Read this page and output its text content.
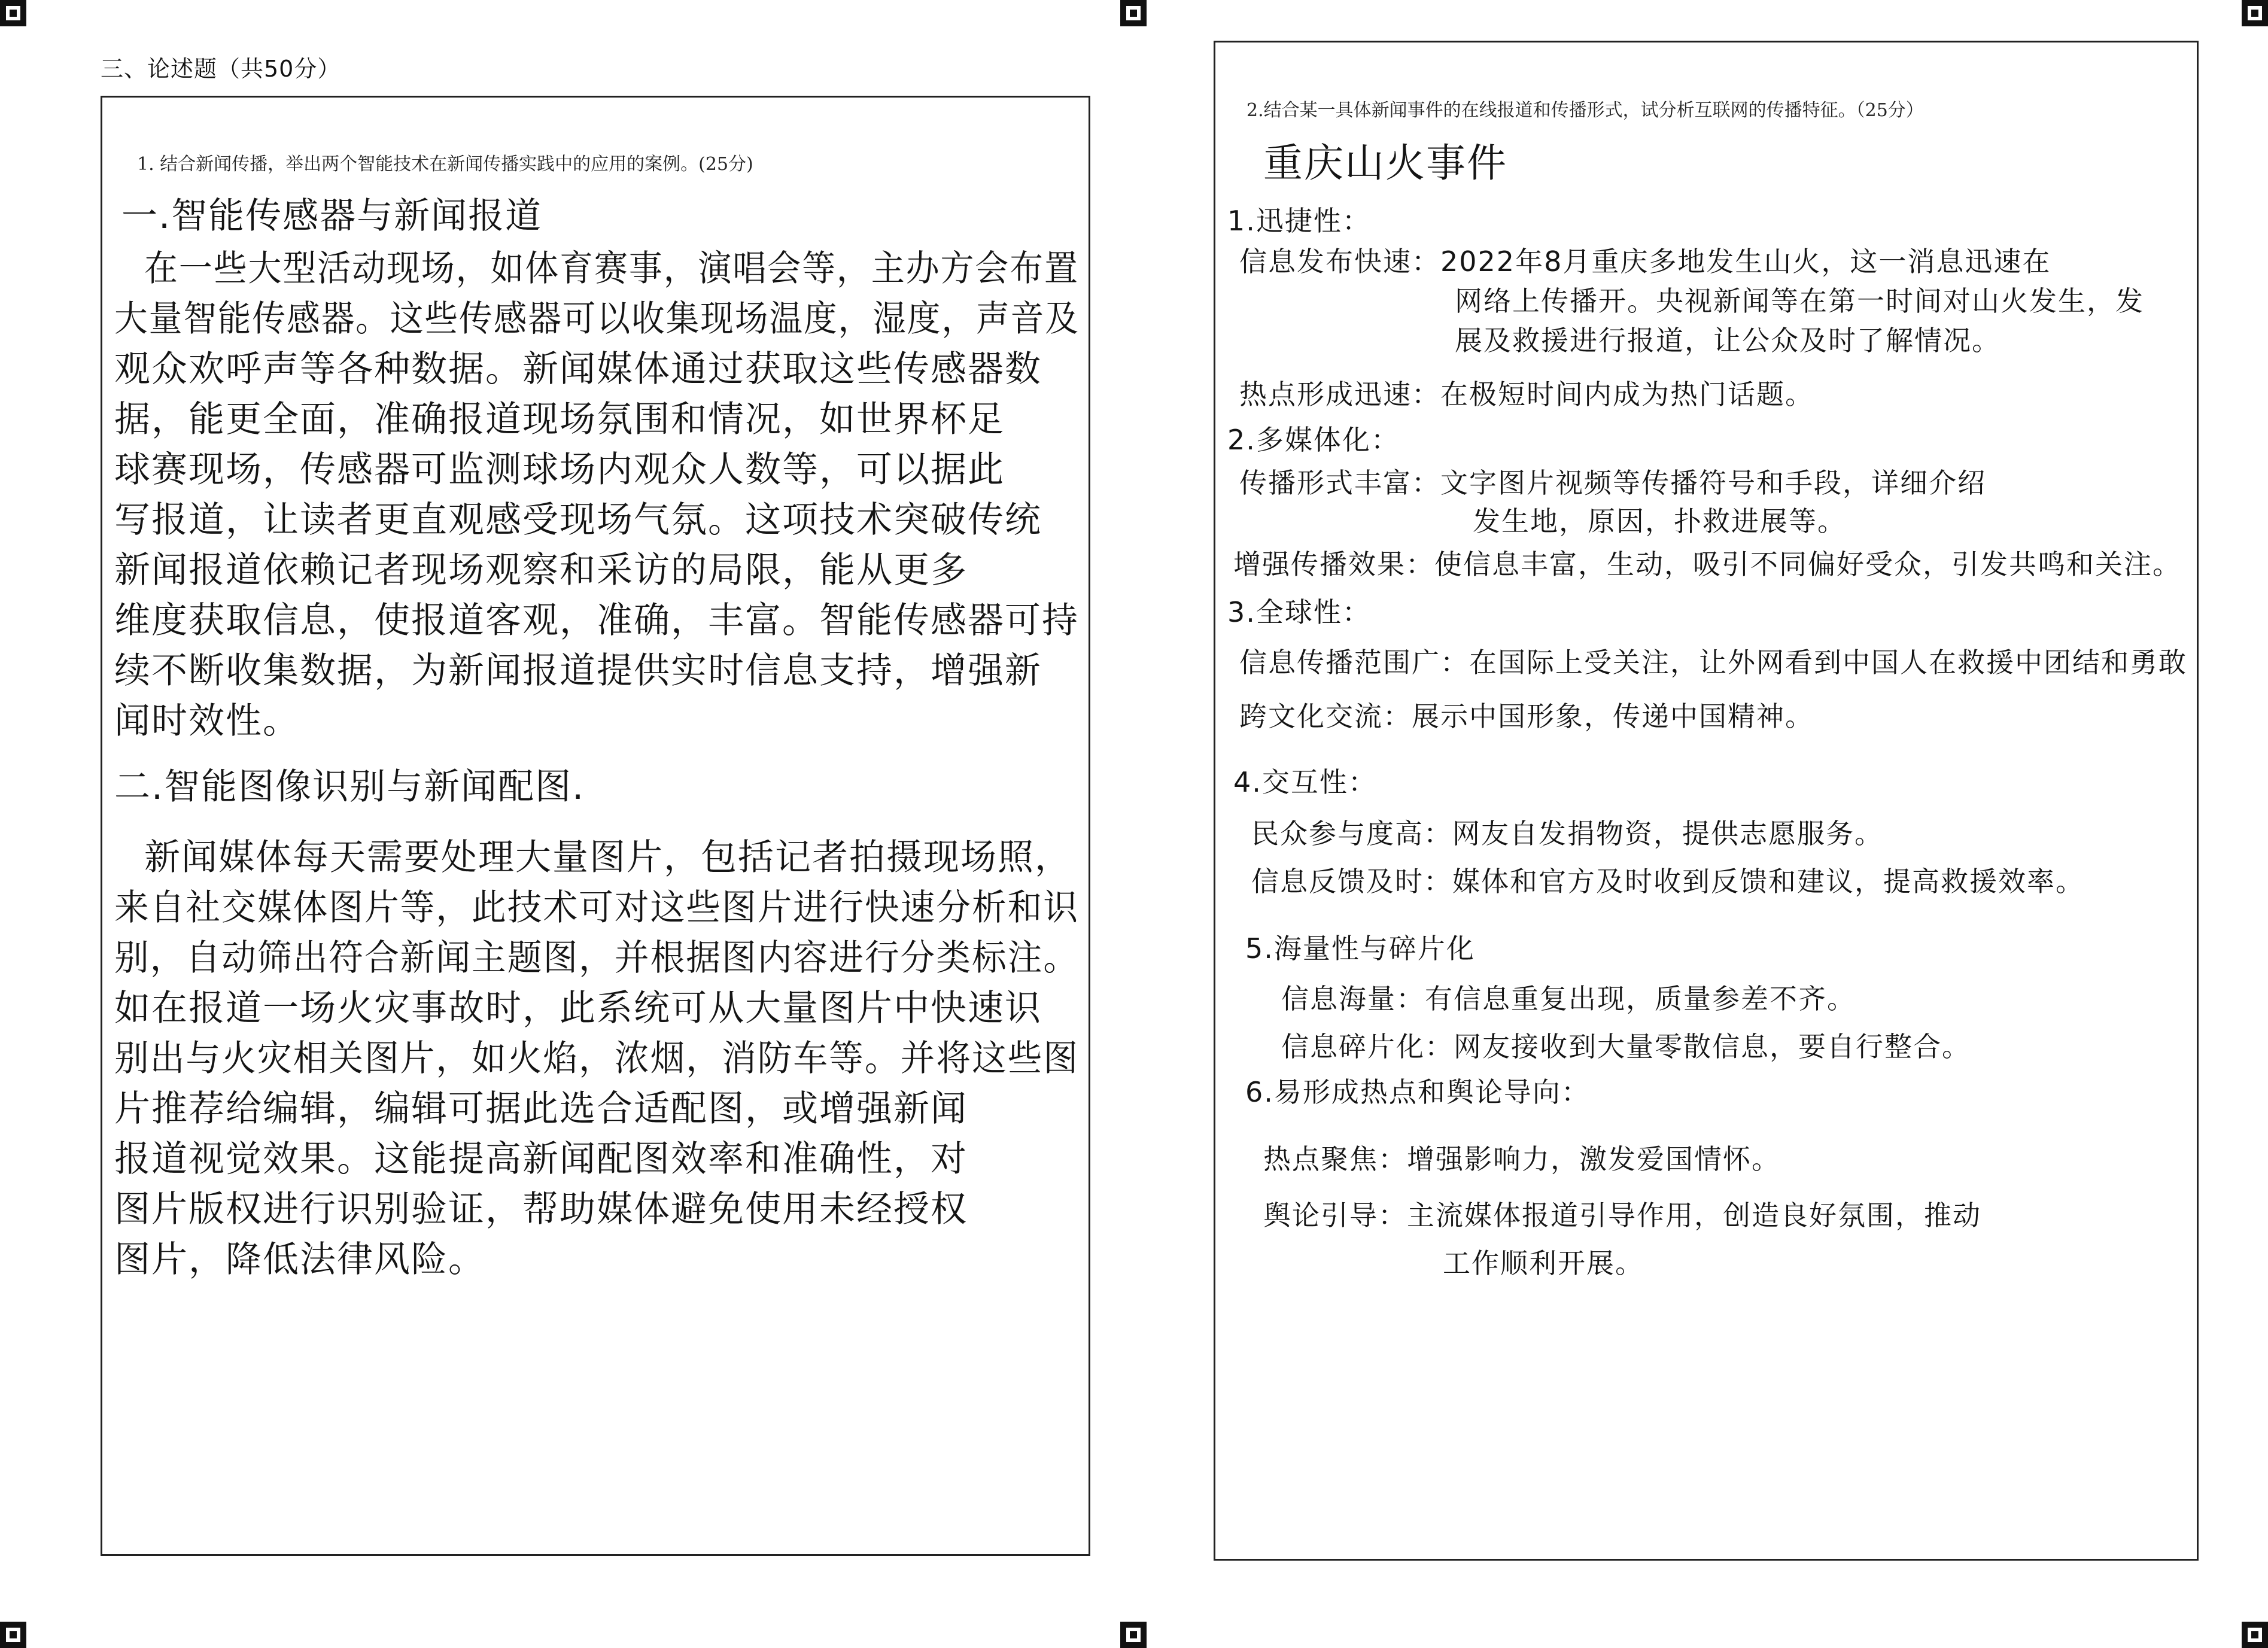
三、论述题（共50分）
1. 结合新闻传播，举出两个智能技术在新闻传播实践中的应用的案例。(25分)
一.智能传感器与新闻报道
在一些大型活动现场，如体育赛事，演唱会等，主办方会布置
大量智能传感器。这些传感器可以收集现场温度，湿度，声音及
观众欢呼声等各种数据。新闻媒体通过获取这些传感器数
据，能更全面，准确报道现场氛围和情况，如世界杯足
球赛现场，传感器可监测球场内观众人数等，可以据此
写报道，让读者更直观感受现场气氛。这项技术突破传统
新闻报道依赖记者现场观察和采访的局限，能从更多
维度获取信息，使报道客观，准确，丰富。智能传感器可持
续不断收集数据，为新闻报道提供实时信息支持，增强新
闻时效性。
二.智能图像识别与新闻配图.
新闻媒体每天需要处理大量图片，包括记者拍摄现场照，
来自社交媒体图片等，此技术可对这些图片进行快速分析和识
别，自动筛出符合新闻主题图，并根据图内容进行分类标注。
如在报道一场火灾事故时，此系统可从大量图片中快速识
别出与火灾相关图片，如火焰，浓烟，消防车等。并将这些图
片推荐给编辑，编辑可据此选合适配图，或增强新闻
报道视觉效果。这能提高新闻配图效率和准确性，对
图片版权进行识别验证，帮助媒体避免使用未经授权
图片，降低法律风险。
2.结合某一具体新闻事件的在线报道和传播形式，试分析互联网的传播特征。（25分）
重庆山火事件
1.迅捷性：
信息发布快速：2022年8月重庆多地发生山火，这一消息迅速在
网络上传播开。央视新闻等在第一时间对山火发生，发
展及救援进行报道，让公众及时了解情况。
热点形成迅速：在极短时间内成为热门话题。
2.多媒体化：
传播形式丰富：文字图片视频等传播符号和手段，详细介绍
发生地，原因，扑救进展等。
增强传播效果：使信息丰富，生动，吸引不同偏好受众，引发共鸣和关注。
3.全球性：
信息传播范围广：在国际上受关注，让外网看到中国人在救援中团结和勇敢
跨文化交流：展示中国形象，传递中国精神。
4.交互性：
民众参与度高：网友自发捐物资，提供志愿服务。
信息反馈及时：媒体和官方及时收到反馈和建议，提高救援效率。
5.海量性与碎片化
信息海量：有信息重复出现，质量参差不齐。
信息碎片化：网友接收到大量零散信息，要自行整合。
6.易形成热点和舆论导向：
热点聚焦：增强影响力，激发爱国情怀。
舆论引导：主流媒体报道引导作用，创造良好氛围，推动
工作顺利开展。
